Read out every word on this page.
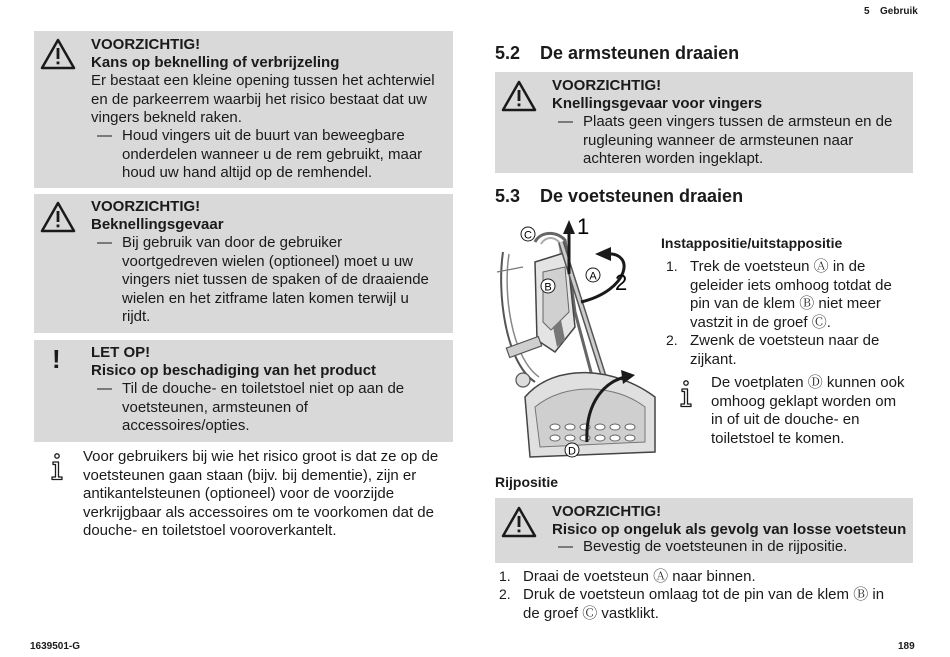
5 Gebruik
VOORZICHTIG!
Kans op beknelling of verbrijzeling
Er bestaat een kleine opening tussen het achterwiel
en de parkeerrem waarbij het risico bestaat dat uw
vingers bekneld raken.
— Houd vingers uit de buurt van beweegbare
onderdelen wanneer u de rem gebruikt, maar
houd uw hand altijd op de remhendel.
VOORZICHTIG!
Beknellingsgevaar
— Bij gebruik van door de gebruiker
voortgedreven wielen (optioneel) moet u uw
vingers niet tussen de spaken of de draaiende
wielen en het zitframe laten komen terwijl u
rijdt.
! LET OP!
Risico op beschadiging van het product
— Til de douche- en toiletstoel niet op aan de
voetsteunen, armsteunen of
accessoires/opties.
Voor gebruikers bij wie het risico groot is dat ze op de
voetsteunen gaan staan (bijv. bij dementie), zijn er
antikantelsteunen (optioneel) voor de voorzijde
verkrijgbaar als accessoires om te voorkomen dat de
douche- en toiletstoel vooroverkantelt.
5.2 De armsteunen draaien
VOORZICHTIG!
Knellingsgevaar voor vingers
— Plaats geen vingers tussen de armsteun en de
rugleuning wanneer de armsteunen naar
achteren worden ingeklapt.
5.3 De voetsteunen draaien
C
B
A
D
1
2
Instappositie/uitstappositie
1. Trek de voetsteun Ⓐ in de
geleider iets omhoog totdat de
pin van de klem Ⓑ niet meer
vastzit in de groef Ⓒ.
2. Zwenk de voetsteun naar de
zijkant.
De voetplaten Ⓓ kunnen ook
omhoog geklapt worden om
in of uit de douche- en
toiletstoel te komen.
Rijpositie
VOORZICHTIG!
Risico op ongeluk als gevolg van losse voetsteun
— Bevestig de voetsteunen in de rijpositie.
1. Draai de voetsteun Ⓐ naar binnen.
2. Druk de voetsteun omlaag tot de pin van de klem Ⓑ in
de groef Ⓒ vastklikt.
1639501-G	189
